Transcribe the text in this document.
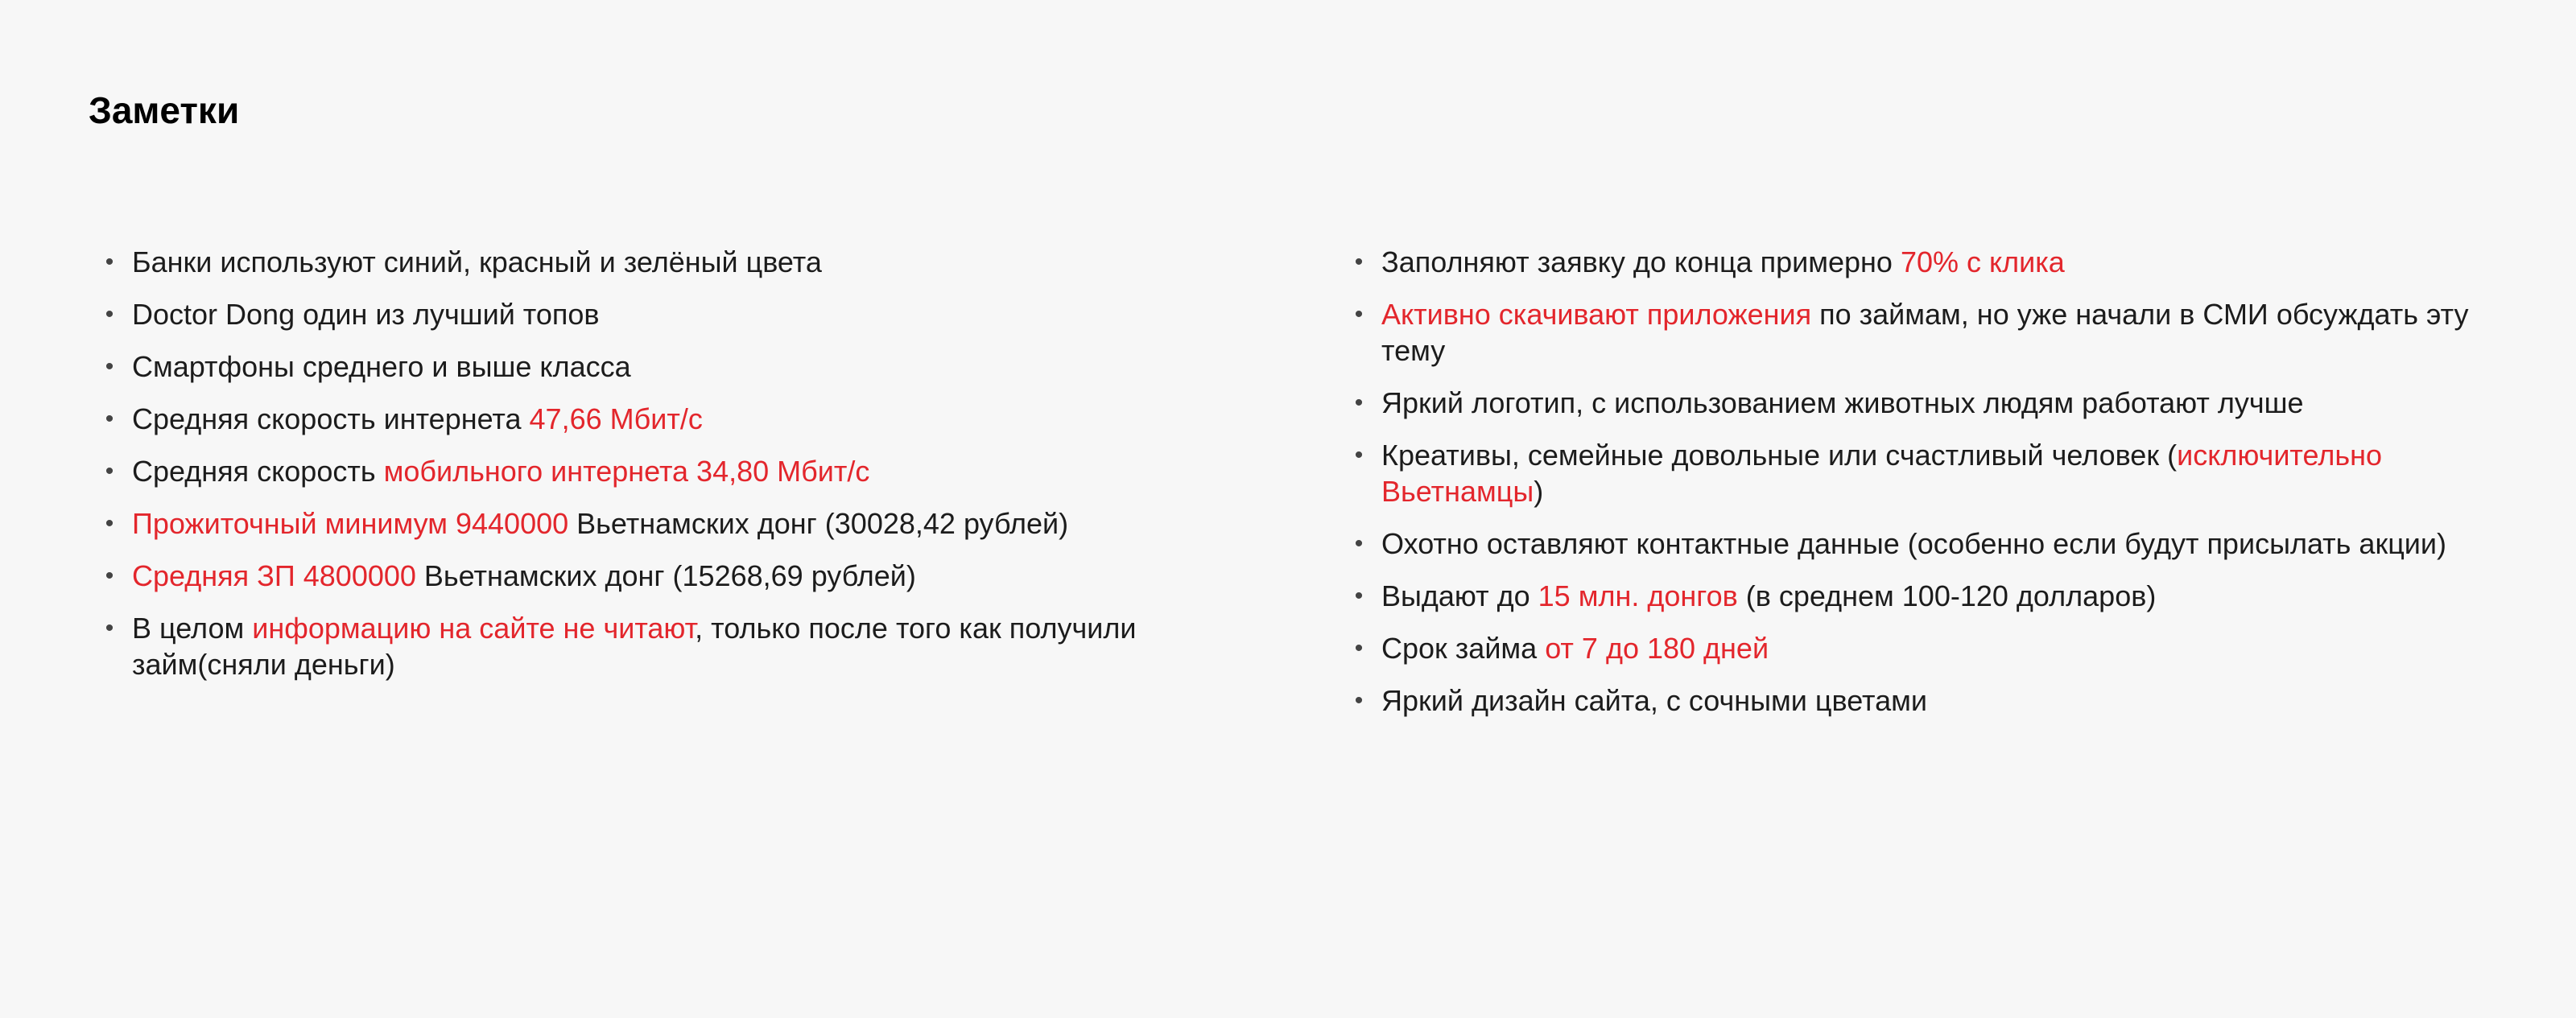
Заметки
• Банки используют синий, красный и зелёный цвета
• Doctor Dong один из лучший топов
• Смартфоны среднего и выше класса
• Средняя скорость интернета 47,66 Мбит/с
• Средняя скорость мобильного интернета 34,80 Мбит/с
• Прожиточный минимум 9440000 Вьетнамских донг (30028,42 рублей)
• Средняя ЗП 4800000 Вьетнамских донг (15268,69 рублей)
• В целом информацию на сайте не читают, только после того как получили займ(сняли деньги)
• Заполняют заявку до конца примерно 70% с клика
• Активно скачивают приложения по займам, но уже начали в СМИ обсуждать эту тему
• Яркий логотип, с использованием животных людям работают лучше
• Креативы, семейные довольные или счастливый человек (исключительно Вьетнамцы)
• Охотно оставляют контактные данные (особенно если будут присылать акции)
• Выдают до 15 млн. донгов (в среднем 100-120 долларов)
• Срок займа от 7 до 180 дней
• Яркий дизайн сайта, с сочными цветами
